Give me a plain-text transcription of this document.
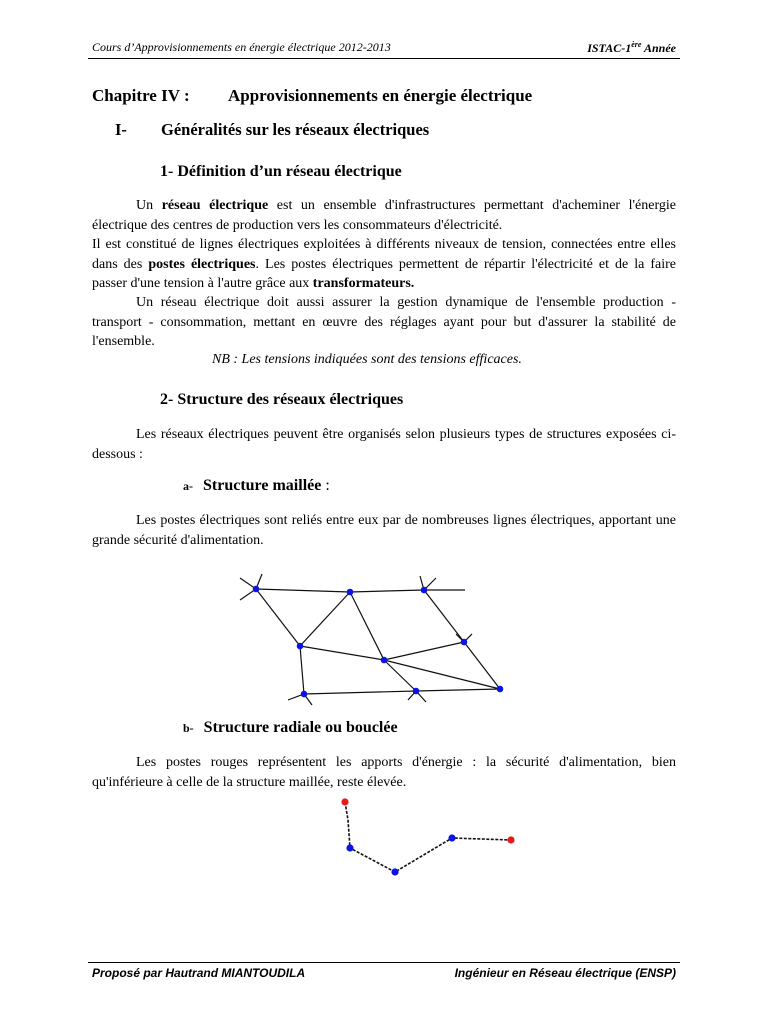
Cours d’Approvisionnements en énergie électrique 2012-2013	ISTAC-1ère Année
Chapitre IV : Approvisionnements en énergie électrique
I- Généralités sur les réseaux électriques
1- Définition d’un réseau électrique
Un réseau électrique est un ensemble d'infrastructures permettant d'acheminer l'énergie électrique des centres de production vers les consommateurs d'électricité.
Il est constitué de lignes électriques exploitées à différents niveaux de tension, connectées entre elles dans des postes électriques. Les postes électriques permettent de répartir l'électricité et de la faire passer d'une tension à l'autre grâce aux transformateurs.
Un réseau électrique doit aussi assurer la gestion dynamique de l'ensemble production - transport - consommation, mettant en œuvre des réglages ayant pour but d'assurer la stabilité de l'ensemble.
NB : Les tensions indiquées sont des tensions efficaces.
2- Structure des réseaux électriques
Les réseaux électriques peuvent être organisés selon plusieurs types de structures exposées ci-dessous :
a- Structure maillée :
Les postes électriques sont reliés entre eux par de nombreuses lignes électriques, apportant une grande sécurité d'alimentation.
b- Structure radiale ou bouclée
Les postes rouges représentent les apports d'énergie : la sécurité d'alimentation, bien qu'inférieure à celle de la structure maillée, reste élevée.
Proposé par Hautrand MIANTOUDILA	Ingénieur en Réseau électrique (ENSP)
